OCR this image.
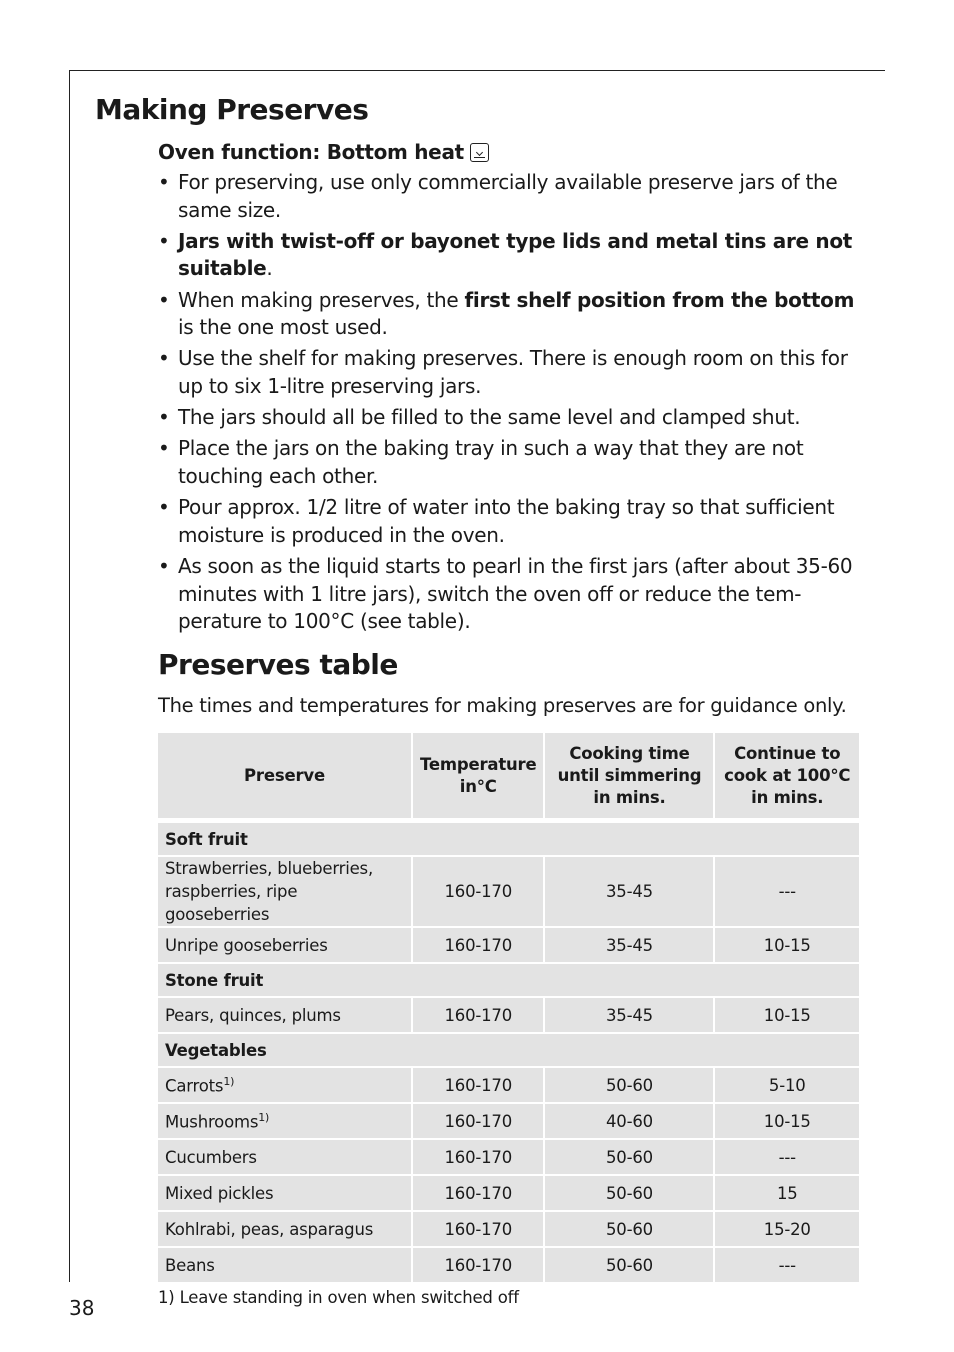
Making Preserves
Oven function: Bottom heat
• For preserving, use only commercially available preserve jars of the same size.
• Jars with twist-off or bayonet type lids and metal tins are not suitable.
• When making preserves, the first shelf position from the bottom is the one most used.
• Use the shelf for making preserves. There is enough room on this for up to six 1-litre preserving jars.
• The jars should all be filled to the same level and clamped shut.
• Place the jars on the baking tray in such a way that they are not touching each other.
• Pour approx. 1/2 litre of water into the baking tray so that sufficient moisture is produced in the oven.
• As soon as the liquid starts to pearl in the first jars (after about 35-60 minutes with 1 litre jars), switch the oven off or reduce the tem-perature to 100°C (see table).
Preserves table
The times and temperatures for making preserves are for guidance only.
Preserve	Temperature in°C	Cooking time until simmering in mins.	Continue to cook at 100°C in mins.

Soft fruit			
Strawberries, blueberries, raspberries, ripe gooseberries	160-170	35-45	---
Unripe gooseberries	160-170	35-45	10-15
Stone fruit			
Pears, quinces, plums	160-170	35-45	10-15
Vegetables			
Carrots$^{1)}$	160-170	50-60	5-10
Mushrooms$^{1)}$	160-170	40-60	10-15
Cucumbers	160-170	50-60	---
Mixed pickles	160-170	50-60	15
Kohlrabi, peas, asparagus	160-170	50-60	15-20
Beans	160-170	50-60	---
1) Leave standing in oven when switched off
38
